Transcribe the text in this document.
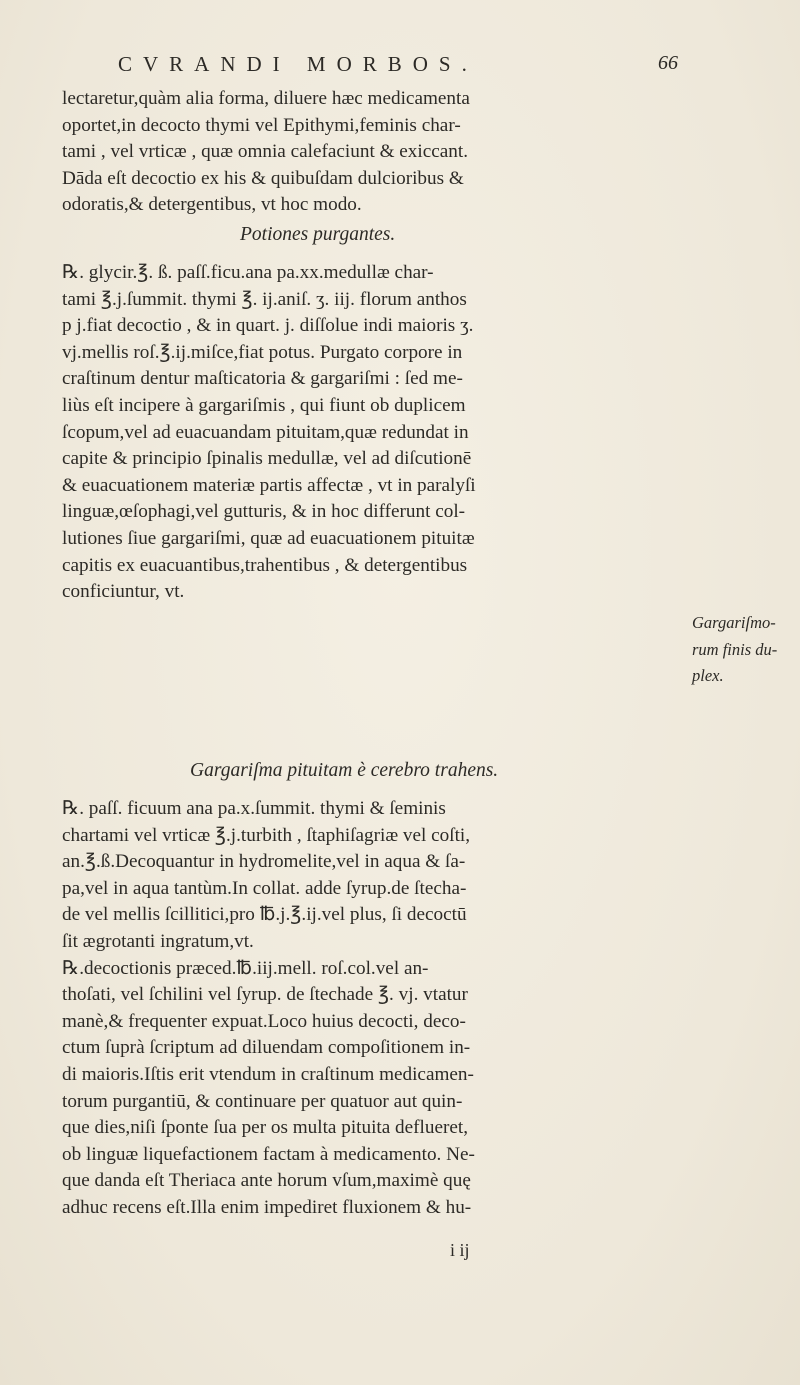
CVRANDI MORBOS.	66
lectaretur,quàm alia forma, diluere hæc medicamenta
oportet,in decocto thymi vel Epithymi,feminis char-
tami , vel vrticæ , quæ omnia calefaciunt & exiccant.
Dāda eſt decoctio ex his & quibuſdam dulcioribus &
odoratis,& detergentibus, vt hoc modo.
Potiones purgantes.
℞. glycir.℥. ß. paſſ.ficu.ana pa.xx.medullæ char-
tami ℥.j.ſummit. thymi ℥. ij.aniſ. ʒ. iij. florum anthos
p j.fiat decoctio , & in quart. j. diſſolue indi maioris ʒ.
vj.mellis roſ.℥.ij.miſce,fiat potus. Purgato corpore in
craſtinum dentur maſticatoria & gargariſmi : ſed me-
liùs eſt incipere à gargariſmis , qui fiunt ob duplicem
ſcopum,vel ad euacuandam pituitam,quæ redundat in
capite & principio ſpinalis medullæ, vel ad diſcutionē
& euacuationem materiæ partis affectæ , vt in paralyſi
linguæ,œſophagi,vel gutturis, & in hoc differunt col-
lutiones ſiue gargariſmi, quæ ad euacuationem pituitæ
capitis ex euacuantibus,trahentibus , & detergentibus
conficiuntur, vt.
Gargariſmo-
rum finis du-
plex.
Gargariſma pituitam è cerebro trahens.
℞. paſſ. ficuum ana pa.x.ſummit. thymi & ſeminis
chartami vel vrticæ ℥.j.turbith , ſtaphiſagriæ vel coſti,
an.℥.ß.Decoquantur in hydromelite,vel in aqua & ſa-
pa,vel in aqua tantùm.In collat. adde ſyrup.de ſtecha-
de vel mellis ſcillitici,pro ℔.j.℥.ij.vel plus, ſi decoctū
ſit ægrotanti ingratum,vt.
℞.decoctionis præced.℔.iij.mell. roſ.col.vel an-
thoſati, vel ſchilini vel ſyrup. de ſtechade ℥. vj. vtatur
manè,& frequenter expuat.Loco huius decocti, deco-
ctum ſuprà ſcriptum ad diluendam compoſitionem in-
di maioris.Iſtis erit vtendum in craſtinum medicamen-
torum purgantiū, & continuare per quatuor aut quin-
que dies,niſi ſponte ſua per os multa pituita deflueret,
ob linguæ liquefactionem factam à medicamento. Ne-
que danda eſt Theriaca ante horum vſum,maximè quę
adhuc recens eſt.Illa enim impediret fluxionem & hu-
i ij
